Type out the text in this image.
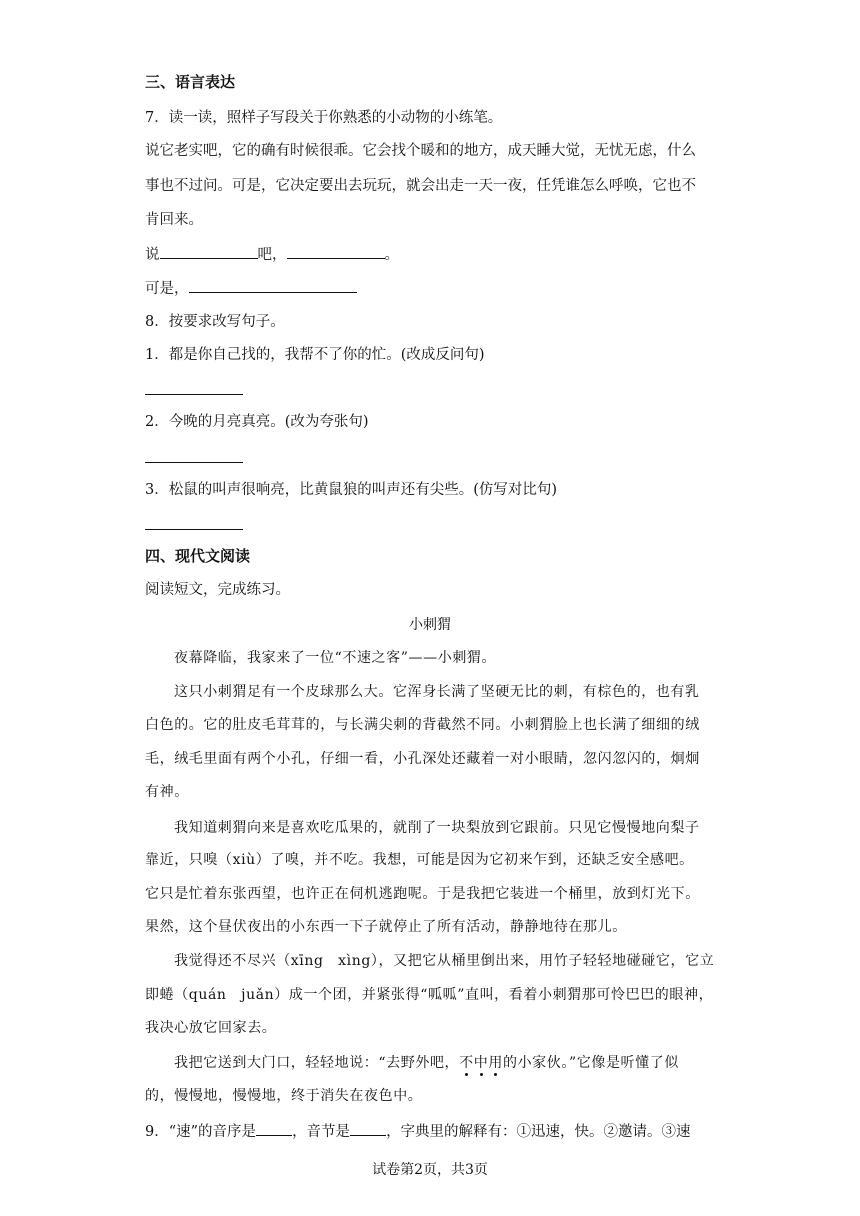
三、语言表达
7．读一读，照样子写段关于你熟悉的小动物的小练笔。
说它老实吧，它的确有时候很乖。它会找个暖和的地方，成天睡大觉，无忧无虑，什么
事也不过问。可是，它决定要出去玩玩，就会出走一天一夜，任凭谁怎么呼唤，它也不
肯回来。
说	吧，	。
可是，
8．按要求改写句子。
1．都是你自己找的，我帮不了你的忙。(改成反问句)
2．今晚的月亮真亮。(改为夸张句)
3．松鼠的叫声很响亮，比黄鼠狼的叫声还有尖些。(仿写对比句)
四、现代文阅读
阅读短文，完成练习。
小刺猬
夜幕降临，我家来了一位“不速之客”——小刺猬。
这只小刺猬足有一个皮球那么大。它浑身长满了坚硬无比的刺，有棕色的，也有乳
白色的。它的肚皮毛茸茸的，与长满尖刺的背截然不同。小刺猬脸上也长满了细细的绒
毛，绒毛里面有两个小孔，仔细一看，小孔深处还藏着一对小眼睛，忽闪忽闪的，炯炯
有神。
我知道刺猬向来是喜欢吃瓜果的，就削了一块梨放到它跟前。只见它慢慢地向梨子
靠近，只嗅（xiù）了嗅，并不吃。我想，可能是因为它初来乍到，还缺乏安全感吧。
它只是忙着东张西望，也许正在伺机逃跑呢。于是我把它装进一个桶里，放到灯光下。
果然，这个昼伏夜出的小东西一下子就停止了所有活动，静静地待在那儿。
我觉得还不尽兴（xīng　xìng），又把它从桶里倒出来，用竹子轻轻地碰碰它，它立
即蜷（quán　juǎn）成一个团，并紧张得“呱呱”直叫，看着小刺猬那可怜巴巴的眼神，
我决心放它回家去。
我把它送到大门口，轻轻地说：“去野外吧，不中用的小家伙。”它像是听懂了似
的，慢慢地，慢慢地，终于消失在夜色中。
9．“速”的音序是 ，音节是 ，字典里的解释有：①迅速，快。②邀请。③速
试卷第2页，共3页
